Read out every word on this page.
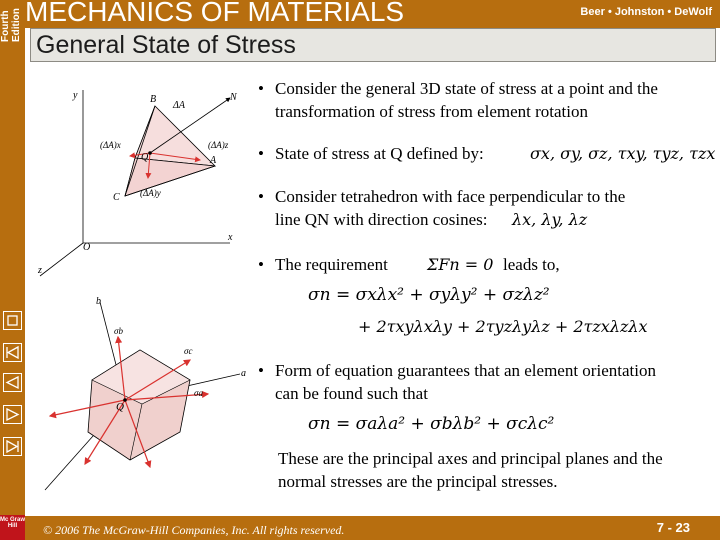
Fourth Edition
Mc Graw Hill
MECHANICS OF MATERIALS	Beer • Johnston • DeWolf
General State of Stress
y	B
ΔA
N
(ΔA)x
Q
(ΔA)z
A
(ΔA)y
C
O
x
z
b
σb
σc
a
σa
Q
• Consider the general 3D state of stress at a point and the transformation of stress from element rotation
• State of stress at Q defined by:	σx, σy, σz, τxy, τyz, τzx
• Consider tetrahedron with face perpendicular to the
line QN with direction cosines: λx, λy, λz
• The requirement ΣFn = 0 leads to,
σn = σxλx² + σyλy² + σzλz²
+ 2τxyλxλy + 2τyzλyλz + 2τzxλzλx
• Form of equation guarantees that an element orientation can be found such that
σn = σaλa² + σbλb² + σcλc²
These are the principal axes and principal planes and the normal stresses are the principal stresses.
© 2006 The McGraw-Hill Companies, Inc. All rights reserved.	7 - 23
